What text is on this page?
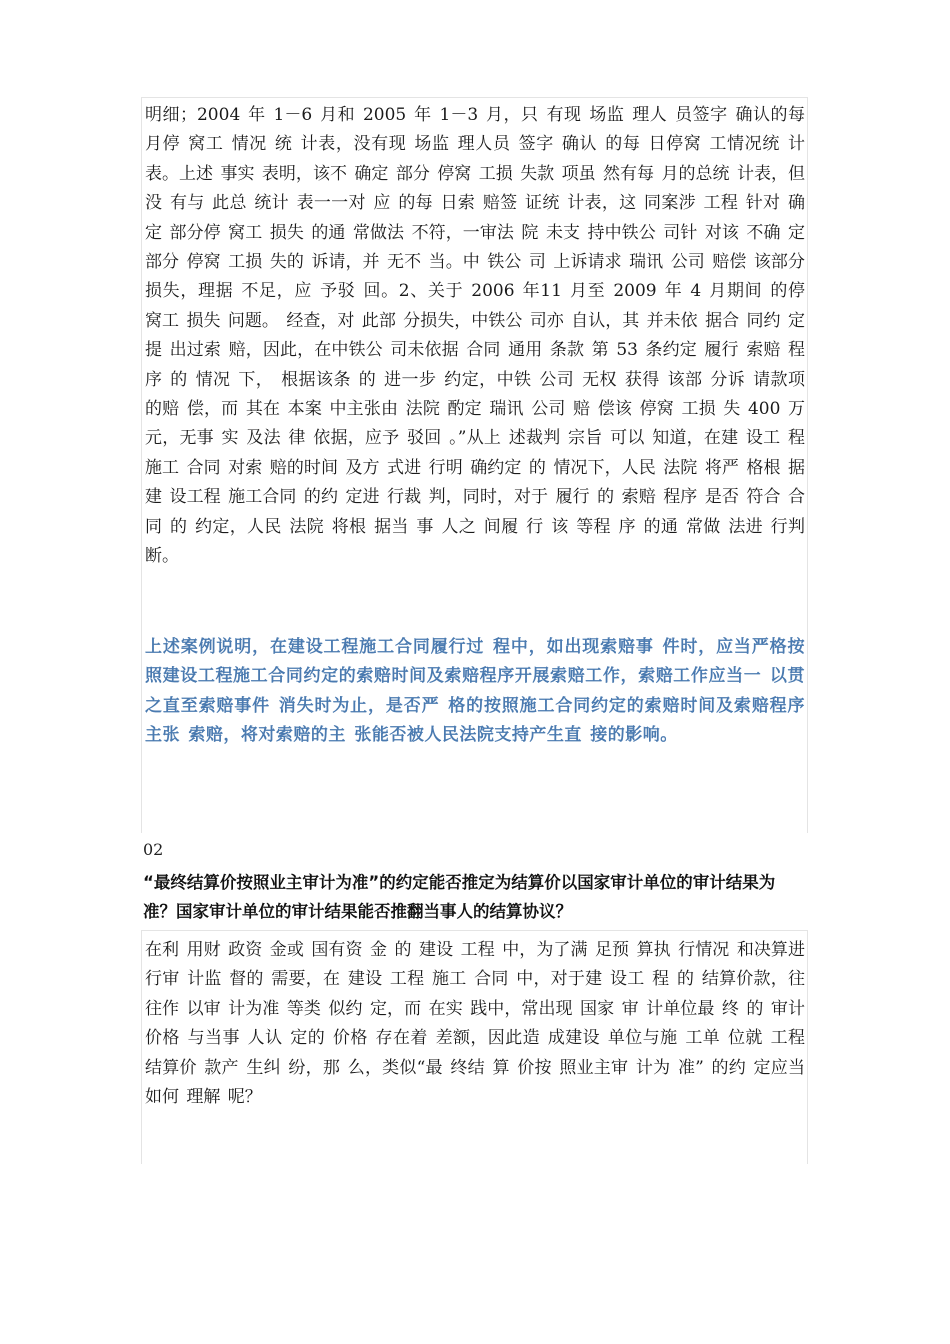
明细；2004 年 1－6 月和 2005 年 1－3 月，只 有现 场监 理人 员签字 确认的每 月停 窝工 情况 统 计表，没有现 场监 理人员 签字 确认 的每 日停窝 工情况统 计表。上述 事实 表明，该不 确定 部分 停窝 工损 失款 项虽 然有每 月的总统 计表，但没 有与 此总 统计 表一一对 应 的每 日索 赔签 证统 计表，这 同案涉 工程 针对 确定 部分停 窝工 损失 的通 常做法 不符，一审法 院 未支 持中铁公 司针 对该 不确 定 部分 停窝 工损 失的 诉请，并 无不 当。中 铁公 司 上诉请求 瑞讯 公司 赔偿 该部分 损失，理据 不足，应 予驳 回。2、关于 2006 年11 月至 2009 年 4 月期间 的停 窝工 损失 问题。 经查，对 此部 分损失，中铁公 司亦 自认，其 并未依 据合 同约 定提 出过索 赔，因此，在中铁公 司未依据 合同 通用 条款 第 53 条约定 履行 索赔 程序 的 情况 下， 根据该条 的 进一步 约定，中铁 公司 无权 获得 该部 分诉 请款项 的赔 偿，而 其在 本案 中主张由 法院 酌定 瑞讯 公司 赔 偿该 停窝 工损 失 400 万元，无事 实 及法 律 依据，应予 驳回 。”从上 述裁判 宗旨 可以 知道，在建 设工 程施工 合同 对索 赔的时间 及方 式进 行明 确约定 的 情况下，人民 法院 将严 格根 据建 设工程 施工合同 的约 定进 行裁 判，同时，对于 履行 的 索赔 程序 是否 符合 合同 的 约定，人民 法院 将根 据当 事 人之 间履 行 该 等程 序 的通 常做 法进 行判 断。

上述案例说明，在建设工程施工合同履行过 程中，如出现索赔事 件时，应当严格按照建设工程施工合同约定的索赔时间及索赔程序开展索赔工作，索赔工作应当一 以贯之直至索赔事件 消失时为止，是否严 格的按照施工合同约定的索赔时间及索赔程序主张 索赔，将对索赔的主 张能否被人民法院支持产生直 接的影响。

02

“最终结算价按照业主审计为准”的约定能否推定为结算价以国家审计单位的审计结果为准？国家审计单位的审计结果能否推翻当事人的结算协议？

在利 用财 政资 金或 国有资 金 的 建设 工程 中，为了满 足预 算执 行情况 和决算进 行审 计监 督的 需要，在 建设 工程 施工 合同 中，对于建 设工 程 的 结算价款，往 往作 以审 计为准 等类 似约 定，而 在实 践中，常出现 国家 审 计单位最 终 的 审计 价格 与当事 人认 定的 价格 存在着 差额，因此造 成建设 单位与施 工单 位就 工程 结算价 款产 生纠 纷，那 么，类似“最 终结 算 价按 照业主审 计为 准” 的约 定应当 如何 理解 呢？
